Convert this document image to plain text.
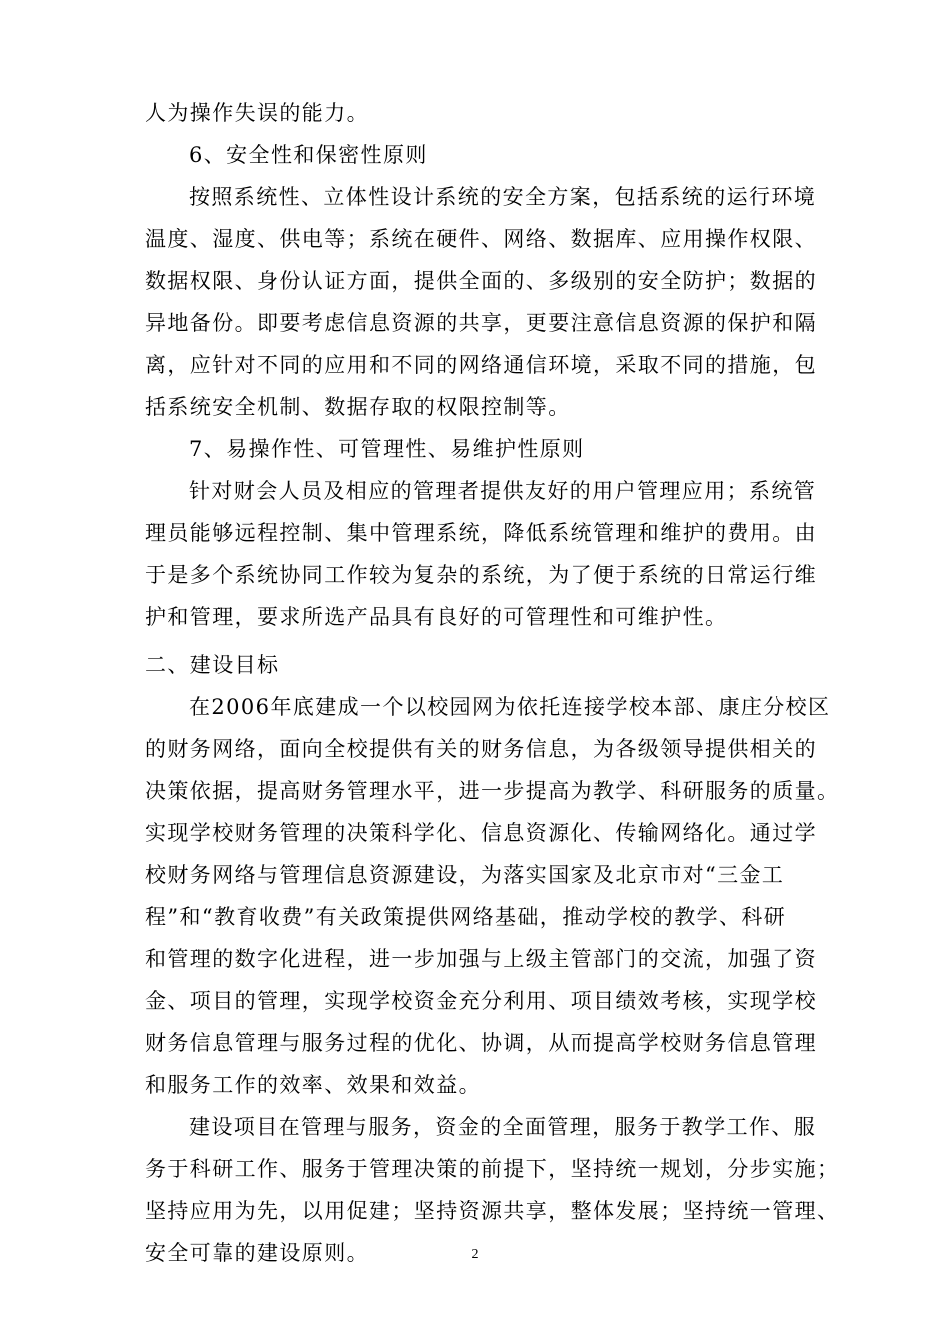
人为操作失误的能力。
6、安全性和保密性原则
按照系统性、立体性设计系统的安全方案，包括系统的运行环境
温度、湿度、供电等；系统在硬件、网络、数据库、应用操作权限、
数据权限、身份认证方面，提供全面的、多级别的安全防护；数据的
异地备份。即要考虑信息资源的共享，更要注意信息资源的保护和隔
离，应针对不同的应用和不同的网络通信环境，采取不同的措施，包
括系统安全机制、数据存取的权限控制等。
7、易操作性、可管理性、易维护性原则
针对财会人员及相应的管理者提供友好的用户管理应用；系统管
理员能够远程控制、集中管理系统，降低系统管理和维护的费用。由
于是多个系统协同工作较为复杂的系统，为了便于系统的日常运行维
护和管理，要求所选产品具有良好的可管理性和可维护性。
二、建设目标
在2006年底建成一个以校园网为依托连接学校本部、康庄分校区
的财务网络，面向全校提供有关的财务信息，为各级领导提供相关的
决策依据，提高财务管理水平，进一步提高为教学、科研服务的质量。
实现学校财务管理的决策科学化、信息资源化、传输网络化。通过学
校财务网络与管理信息资源建设，为落实国家及北京市对“三金工
程”和“教育收费”有关政策提供网络基础，推动学校的教学、科研
和管理的数字化进程，进一步加强与上级主管部门的交流，加强了资
金、项目的管理，实现学校资金充分利用、项目绩效考核，实现学校
财务信息管理与服务过程的优化、协调，从而提高学校财务信息管理
和服务工作的效率、效果和效益。
建设项目在管理与服务，资金的全面管理，服务于教学工作、服
务于科研工作、服务于管理决策的前提下，坚持统一规划，分步实施；
坚持应用为先，以用促建；坚持资源共享，整体发展；坚持统一管理、
安全可靠的建设原则。	2
